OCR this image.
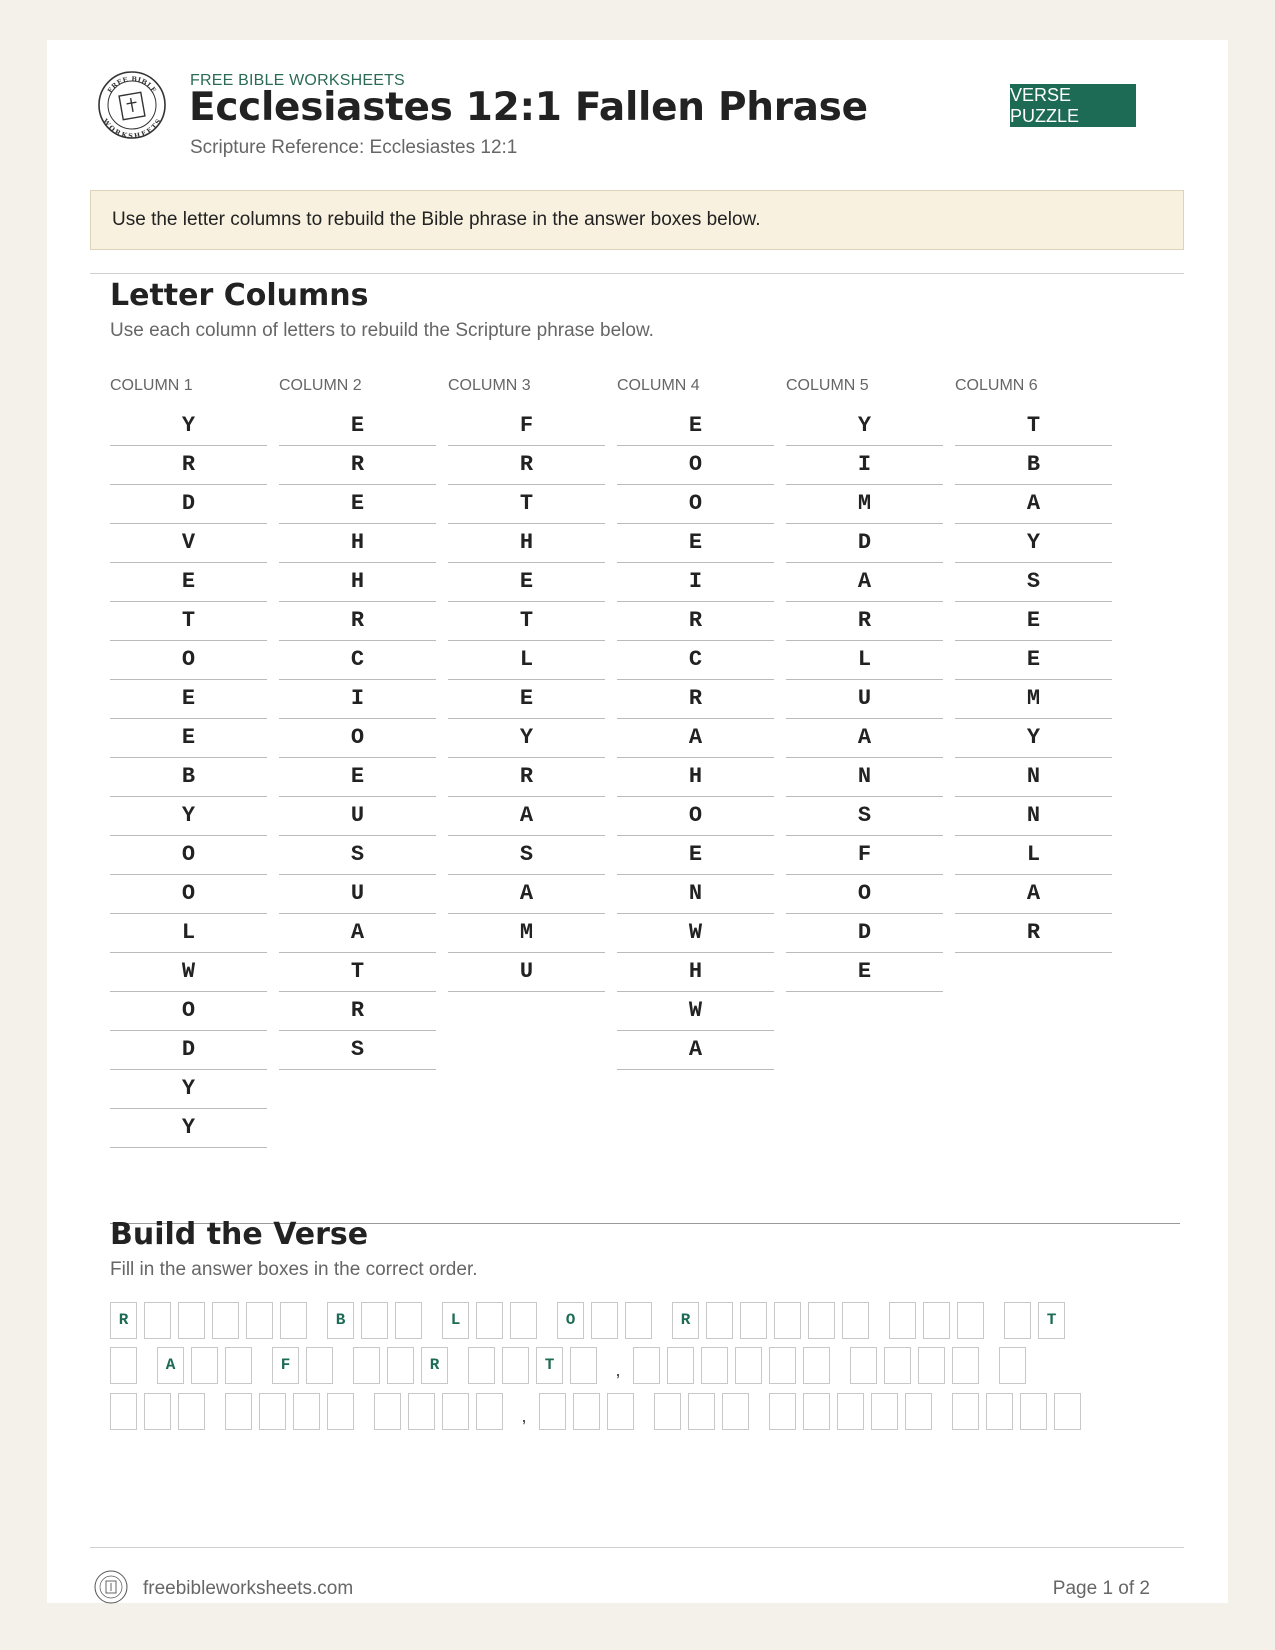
FREE BIBLE
WORKSHEETS
FREE BIBLE WORKSHEETS
Ecclesiastes 12:1 Fallen Phrase
Scripture Reference: Ecclesiastes 12:1
VERSE PUZZLE
Use the letter columns to rebuild the Bible phrase in the answer boxes below.
Letter Columns
Use each column of letters to rebuild the Scripture phrase below.
COLUMN 1
Y
R
D
V
E
T
O
E
E
B
Y
O
O
L
W
O
D
Y
Y
COLUMN 2
E
R
E
H
H
R
C
I
O
E
U
S
U
A
T
R
S
COLUMN 3
F
R
T
H
E
T
L
E
Y
R
A
S
A
M
U
COLUMN 4
E
O
O
E
I
R
C
R
A
H
O
E
N
W
H
W
A
COLUMN 5
Y
I
M
D
A
R
L
U
A
N
S
F
O
D
E
COLUMN 6
T
B
A
Y
S
E
E
M
Y
N
N
L
A
R
Build the Verse
Fill in the answer boxes in the correct order.
R	B	L	O	R	T
A	F	R	T	,
,
freebibleworksheets.com	Page 1 of 2
